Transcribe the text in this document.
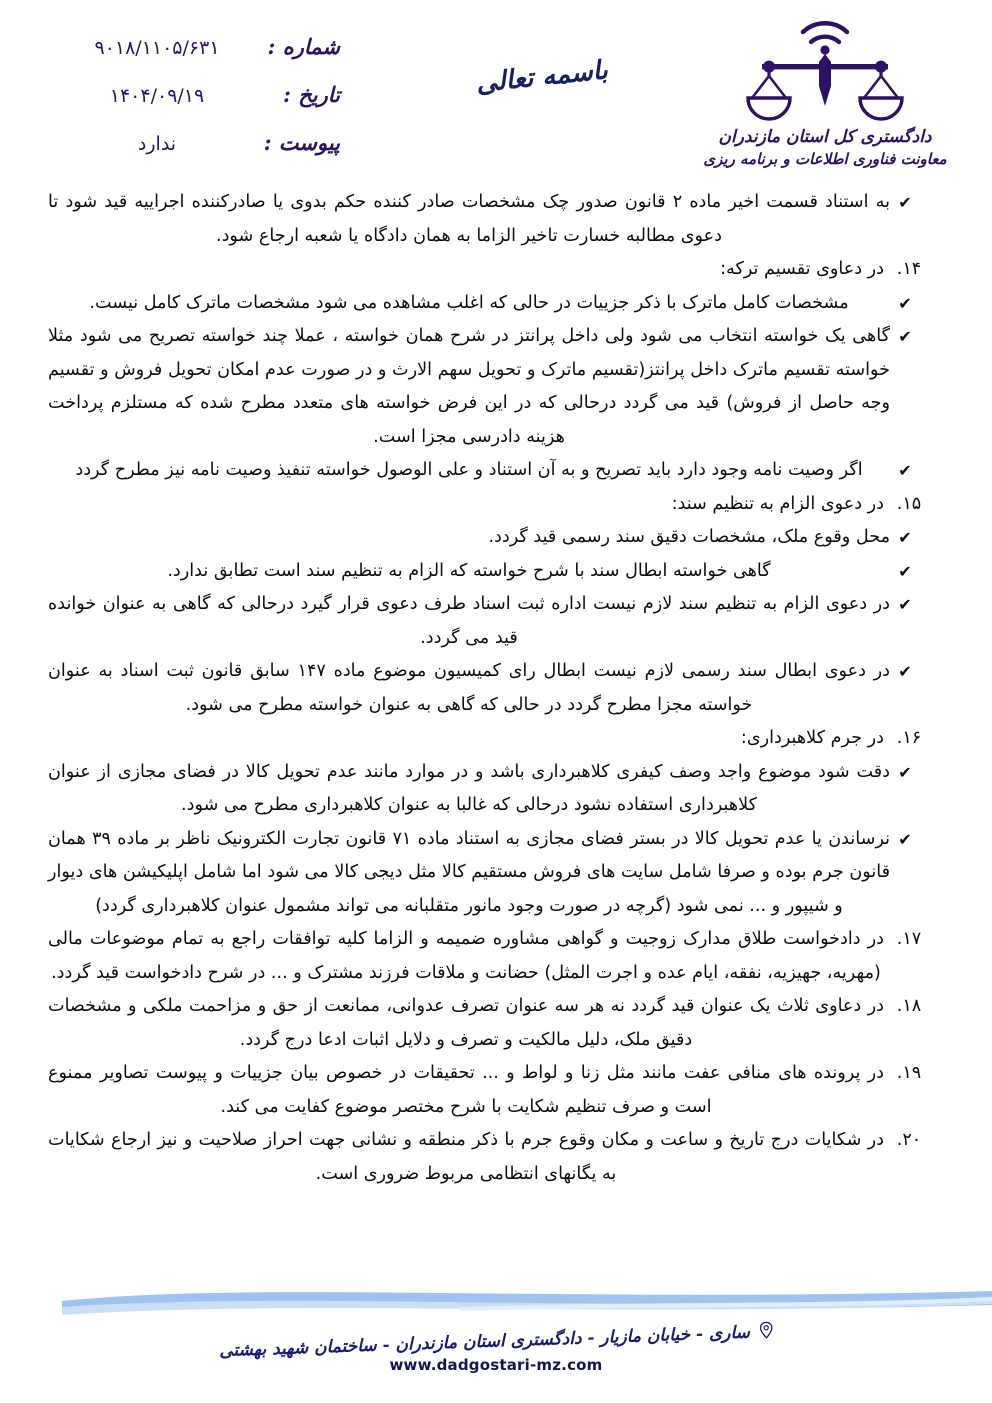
شماره :
۹۰۱۸/۱۱۰۵/۶۳۱
تاریخ :
۱۴۰۴/۰۹/۱۹
پیوست :
ندارد
باسمه تعالی
دادگستری کل استان مازندران
معاونت فناوری اطلاعات و برنامه ریزی
✔
به استناد قسمت اخیر ماده ۲ قانون صدور چک مشخصات صادر کننده حکم بدوی یا صادرکننده اجراییه قید شود تا دعوی مطالبه خسارت تاخیر الزاما به همان دادگاه یا شعبه ارجاع شود.
۱۴.
در دعاوی تقسیم ترکه:
✔
مشخصات کامل ماترک با ذکر جزییات در حالی که اغلب مشاهده می شود مشخصات ماترک کامل نیست.
✔
گاهی یک خواسته انتخاب می شود ولی داخل پرانتز در شرح همان خواسته ، عملا چند خواسته تصریح می شود مثلا خواسته تقسیم ماترک داخل پرانتز(تقسیم ماترک و تحویل سهم الارث و در صورت عدم امکان تحویل فروش و تقسیم وجه حاصل از فروش) قید می گردد درحالی که در این فرض خواسته های متعدد مطرح شده که مستلزم پرداخت هزینه دادرسی مجزا است.
✔
اگر وصیت نامه وجود دارد باید تصریح و به آن استناد و علی الوصول خواسته تنفیذ وصیت نامه نیز مطرح گردد
۱۵.
در دعوی الزام به تنظیم سند:
✔
محل وقوع ملک، مشخصات دقیق سند رسمی قید گردد.
✔
گاهی خواسته ابطال سند با شرح خواسته که الزام به تنظیم سند است تطابق ندارد.
✔
در دعوی الزام به تنظیم سند لازم نیست اداره ثبت اسناد طرف دعوی قرار گیرد درحالی که گاهی به عنوان خوانده قید می گردد.
✔
در دعوی ابطال سند رسمی لازم نیست ابطال رای کمیسیون موضوع ماده ۱۴۷ سابق قانون ثبت اسناد به عنوان خواسته مجزا مطرح گردد در حالی که گاهی به عنوان خواسته مطرح می شود.
۱۶.
در جرم کلاهبرداری:
✔
دقت شود موضوع واجد وصف کیفری کلاهبرداری باشد و در موارد مانند عدم تحویل کالا در فضای مجازی از عنوان کلاهبرداری استفاده نشود درحالی که غالبا به عنوان کلاهبرداری مطرح می شود.
✔
نرساندن یا عدم تحویل کالا در بستر فضای مجازی به استناد ماده ۷۱ قانون تجارت الکترونیک ناظر بر ماده ۳۹ همان قانون جرم بوده و صرفا شامل سایت های فروش مستقیم کالا مثل دیجی کالا می شود اما شامل اپلیکیشن های دیوار و شیپور و ... نمی شود (گرچه در صورت وجود مانور متقلبانه می تواند مشمول عنوان کلاهبرداری گردد)
۱۷.
در دادخواست طلاق مدارک زوجیت و گواهی مشاوره ضمیمه و الزاما کلیه توافقات راجع به تمام موضوعات مالی (مهریه، جهیزیه، نفقه، ایام عده و اجرت المثل) حضانت و ملاقات فرزند مشترک و ... در شرح دادخواست قید گردد.
۱۸.
در دعاوی ثلاث یک عنوان قید گردد نه هر سه عنوان تصرف عدوانی، ممانعت از حق و مزاحمت ملکی و مشخصات دقیق ملک، دلیل مالکیت و تصرف و دلایل اثبات ادعا درج گردد.
۱۹.
در پرونده های منافی عفت مانند مثل زنا و لواط و ... تحقیقات در خصوص بیان جزییات و پیوست تصاویر ممنوع است و صرف تنظیم شکایت با شرح مختصر موضوع کفایت می کند.
۲۰.
در شکایات درج تاریخ و ساعت و مکان وقوع جرم با ذکر منطقه و نشانی جهت احراز صلاحیت و نیز ارجاع شکایات به یگانهای انتظامی مربوط ضروری است.
ساری - خیابان مازیار - دادگستری استان مازندران - ساختمان شهید بهشتی
www.dadgostari-mz.com
